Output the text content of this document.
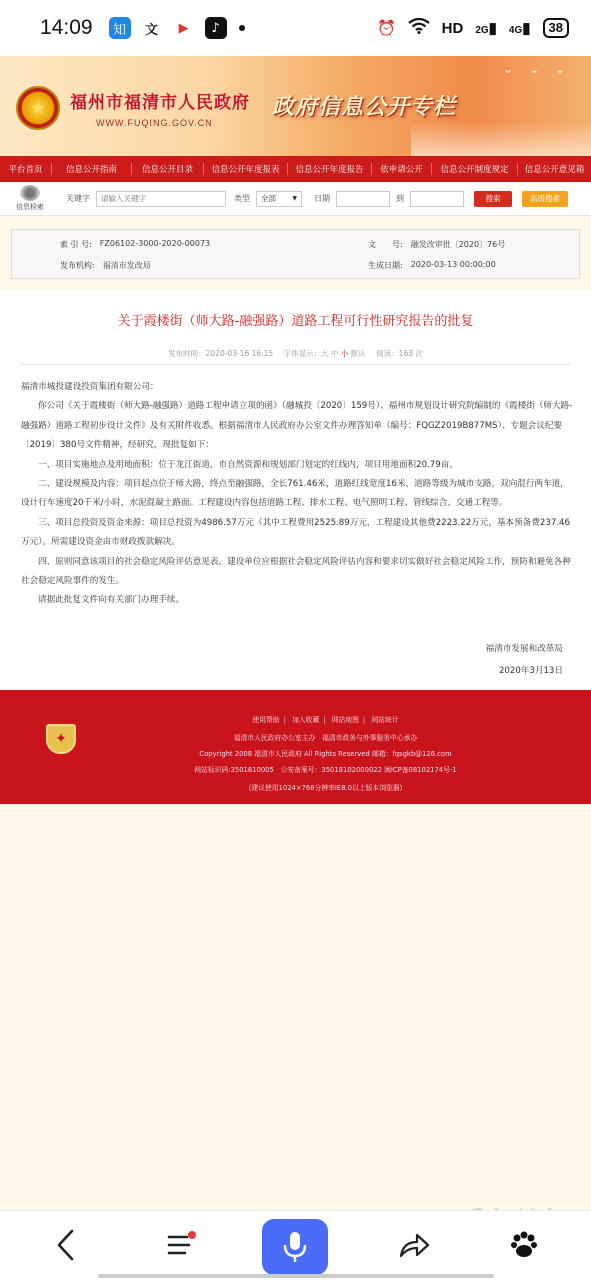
14:09	知	文	▶	♪	⏰	HD 2G▮ 4G▮	38
★	福州市福清市人民政府
WWW.FUQING.GOV.CN
政府信息公开专栏
⌄ ⌄ ⌄
平台首页	信息公开指南	信息公开目录	信息公开年度报表	信息公开年度报告	依申请公开	信息公开制度规定	信息公开意见箱
信息检索
关键字
请输入关键字	类型 全部	▼ 日期	到	搜索	高级搜索
索 引 号: FZ06102-3000-2020-00073	文　　号: 融发改审批〔2020〕76号
发布机构: 福清市发改局	生成日期: 2020-03-13 00:00:00
关于霞楼街（师大路-融强路）道路工程可行性研究报告的批复
发布时间：2020-03-16 16:15 字体显示：大 中 小 默认 阅读：163 次

福清市城投建设投资集团有限公司：

你公司《关于霞楼街（师大路-融强路）道路工程申请立项的函》（融城投〔2020〕159号）、福州市规划设计研究院编制的《霞楼街（师大路-融强路）道路工程初步设计文件》及有关附件收悉。根据福清市人民政府办公室文件办理答知单（编号：FQGZ2019B877MS）、专题会议纪要〔2019〕380号文件精神，经研究，现批复如下：

一、项目实施地点及用地面积：位于龙江街道，市自然资源和规划部门划定的红线内，项目用地面积20.79亩。

二、建设规模及内容：项目起点位于师大路，终点至融强路，全长761.46米，道路红线宽度16米，道路等级为城市支路，双向混行两车道，设计行车速度20千米/小时，水泥混凝土路面。工程建设内容包括道路工程、排水工程、电气照明工程、管线综合、交通工程等。

三、项目总投资及资金来源：项目总投资为4986.57万元（其中工程费用2525.89万元，工程建设其他费2223.22万元，基本预备费237.46万元）。所需建设资金由市财政拨款解决。

四、原则同意该项目的社会稳定风险评估意见表，建设单位应根据社会稳定风险评估内容和要求切实做好社会稳定风险工作，预防和避免各种社会稳定风险事件的发生。

请据此批复文件向有关部门办理手续。

福清市发展和改革局
2020年3月13日
✦
使用帮助 | 加入收藏 | 网站地图 | 网站统计
福清市人民政府办公室主办　福清市政务与外事服务中心承办
Copyright 2008 福清市人民政府 All Rights Reserved 邮箱：fqsgkb@126.com
网站标识码:3501810005　公安备案号：35018102000022 闽ICP备08102174号-1
(建议使用1024×768分辨率IE8.0以上版本浏览器)
